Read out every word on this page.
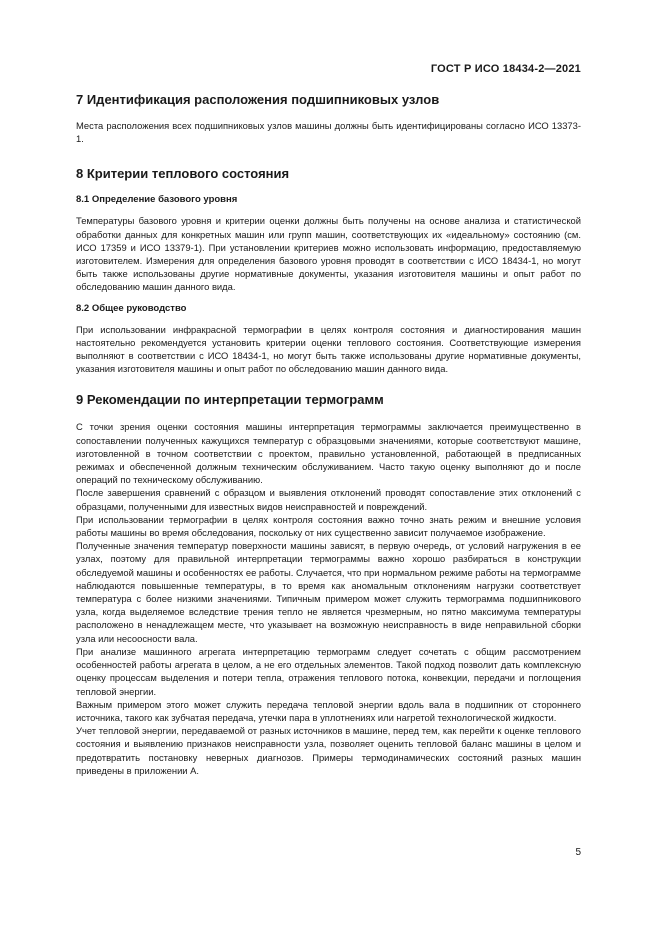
ГОСТ Р ИСО 18434-2—2021
7 Идентификация расположения подшипниковых узлов

Места расположения всех подшипниковых узлов машины должны быть идентифицированы согласно ИСО 13373-1.

8 Критерии теплового состояния
8.1 Определение базового уровня

Температуры базового уровня и критерии оценки должны быть получены на основе анализа и статистической обработки данных для конкретных машин или групп машин, соответствующих их «идеальному» состоянию (см. ИСО 17359 и ИСО 13379-1). При установлении критериев можно использовать информацию, предоставляемую изготовителем. Измерения для определения базового уровня проводят в соответствии с ИСО 18434-1, но могут быть также использованы другие нормативные документы, указания изготовителя машины и опыт работ по обследованию машин данного вида.

8.2 Общее руководство

При использовании инфракрасной термографии в целях контроля состояния и диагностирования машин настоятельно рекомендуется установить критерии оценки теплового состояния. Соответствующие измерения выполняют в соответствии с ИСО 18434-1, но могут быть также использованы другие нормативные документы, указания изготовителя машины и опыт работ по обследованию машин данного вида.

9 Рекомендации по интерпретации термограмм

С точки зрения оценки состояния машины интерпретация термограммы заключается преимущественно в сопоставлении полученных кажущихся температур с образцовыми значениями, которые соответствуют машине, изготовленной в точном соответствии с проектом, правильно установленной, работающей в предписанных режимах и обеспеченной должным техническим обслуживанием. Часто такую оценку выполняют до и после операций по техническому обслуживанию.

После завершения сравнений с образцом и выявления отклонений проводят сопоставление этих отклонений с образцами, полученными для известных видов неисправностей и повреждений.

При использовании термографии в целях контроля состояния важно точно знать режим и внешние условия работы машины во время обследования, поскольку от них существенно зависит получаемое изображение.

Полученные значения температур поверхности машины зависят, в первую очередь, от условий нагружения в ее узлах, поэтому для правильной интерпретации термограммы важно хорошо разбираться в конструкции обследуемой машины и особенностях ее работы. Случается, что при нормальном режиме работы на термограмме наблюдаются повышенные температуры, в то время как аномальным отклонениям нагрузки соответствует температура с более низкими значениями. Типичным примером может служить термограмма подшипникового узла, когда выделяемое вследствие трения тепло не является чрезмерным, но пятно максимума температуры расположено в ненадлежащем месте, что указывает на возможную неисправность в виде неправильной сборки узла или несоосности вала.

При анализе машинного агрегата интерпретацию термограмм следует сочетать с общим рассмотрением особенностей работы агрегата в целом, а не его отдельных элементов. Такой подход позволит дать комплексную оценку процессам выделения и потери тепла, отражения теплового потока, конвекции, передачи и поглощения тепловой энергии.

Важным примером этого может служить передача тепловой энергии вдоль вала в подшипник от стороннего источника, такого как зубчатая передача, утечки пара в уплотнениях или нагретой технологической жидкости.

Учет тепловой энергии, передаваемой от разных источников в машине, перед тем, как перейти к оценке теплового состояния и выявлению признаков неисправности узла, позволяет оценить тепловой баланс машины в целом и предотвратить постановку неверных диагнозов. Примеры термодинамических состояний разных машин приведены в приложении А.

5
